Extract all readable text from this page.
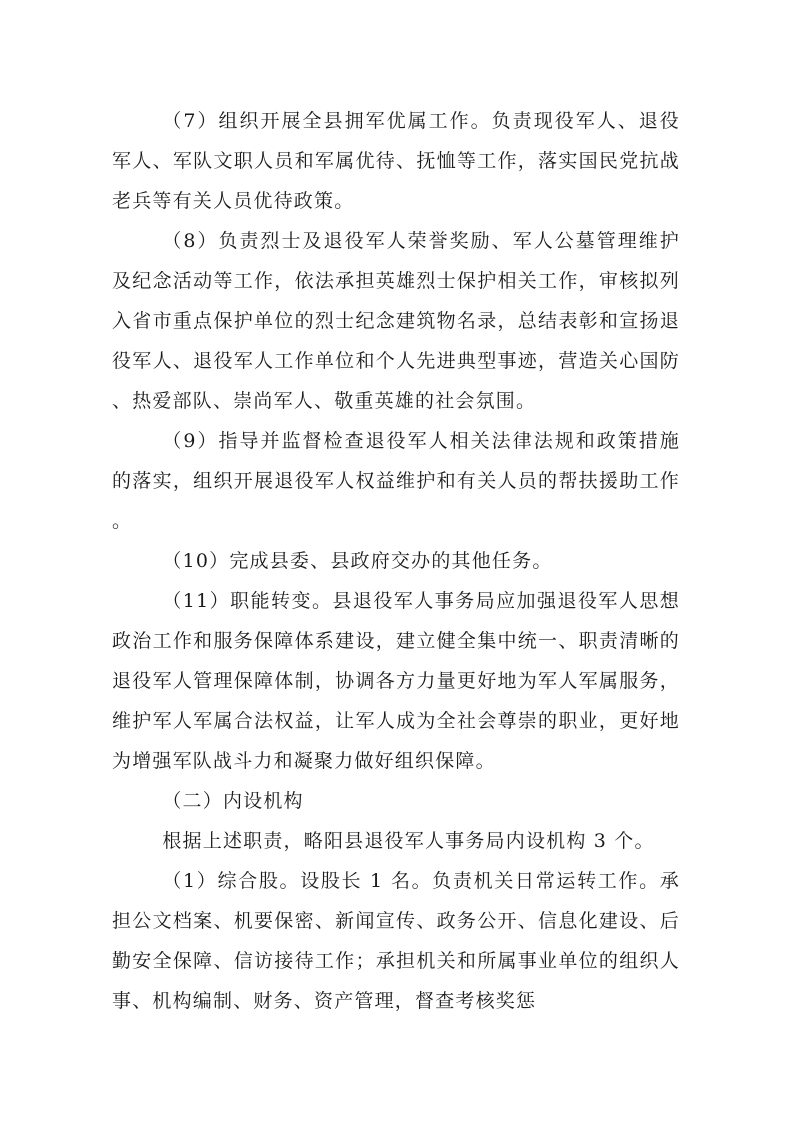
（7）组织开展全县拥军优属工作。负责现役军人、退役军人、军队文职人员和军属优待、抚恤等工作，落实国民党抗战老兵等有关人员优待政策。

（8）负责烈士及退役军人荣誉奖励、军人公墓管理维护及纪念活动等工作，依法承担英雄烈士保护相关工作，审核拟列入省市重点保护单位的烈士纪念建筑物名录，总结表彰和宣扬退役军人、退役军人工作单位和个人先进典型事迹，营造关心国防、热爱部队、崇尚军人、敬重英雄的社会氛围。

（9）指导并监督检查退役军人相关法律法规和政策措施的落实，组织开展退役军人权益维护和有关人员的帮扶援助工作。

（10）完成县委、县政府交办的其他任务。

（11）职能转变。县退役军人事务局应加强退役军人思想政治工作和服务保障体系建设，建立健全集中统一、职责清晰的退役军人管理保障体制，协调各方力量更好地为军人军属服务，维护军人军属合法权益，让军人成为全社会尊崇的职业，更好地为增强军队战斗力和凝聚力做好组织保障。

（二）内设机构

根据上述职责，略阳县退役军人事务局内设机构 3 个。

（1）综合股。设股长 1 名。负责机关日常运转工作。承担公文档案、机要保密、新闻宣传、政务公开、信息化建设、后勤安全保障、信访接待工作；承担机关和所属事业单位的组织人事、机构编制、财务、资产管理，督查考核奖惩
